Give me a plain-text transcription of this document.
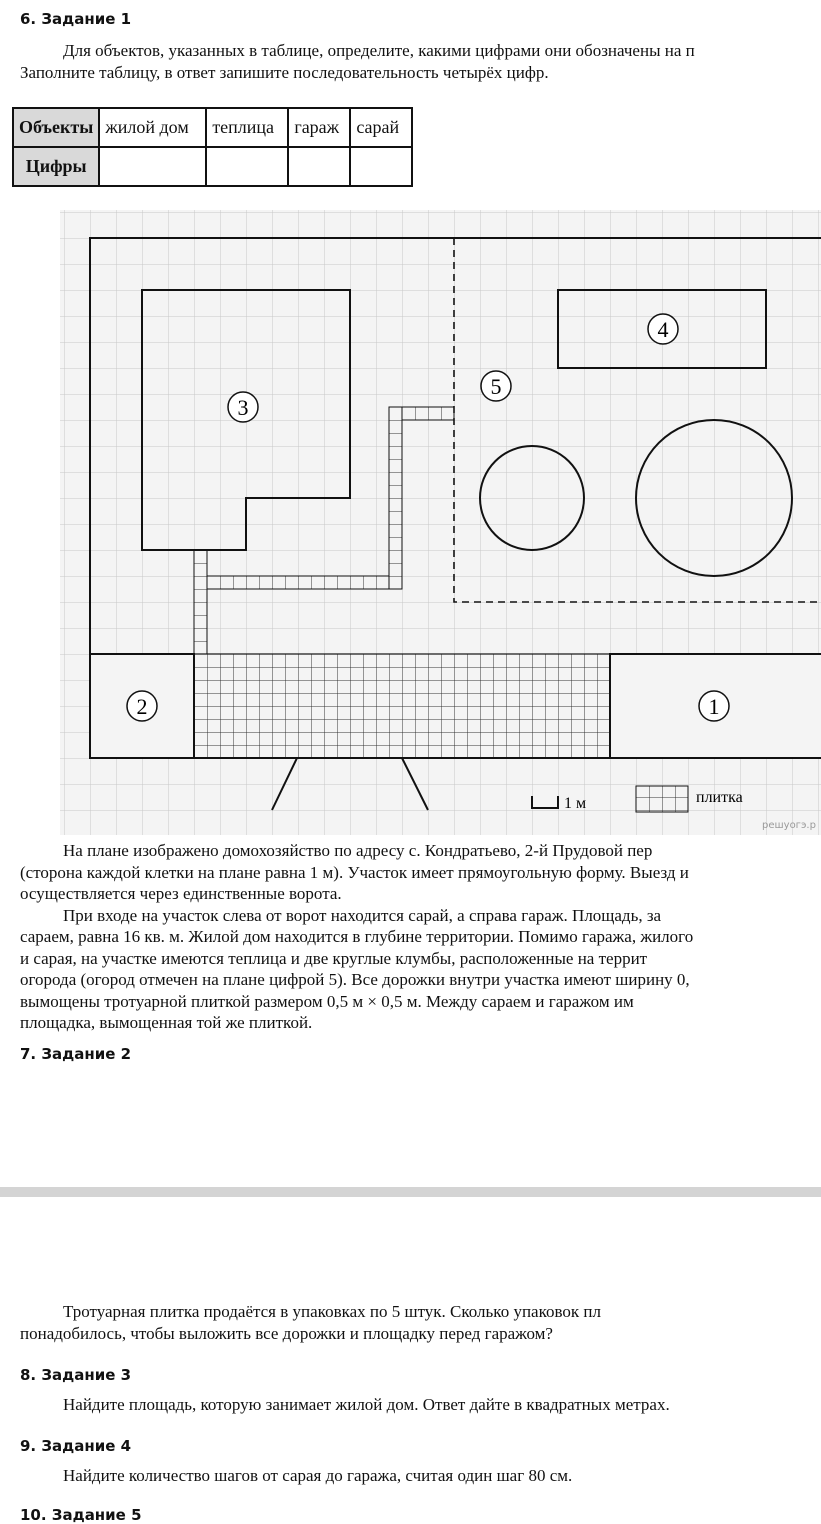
6. Задание 1
Для объектов, указанных в таблице, определите, какими цифрами они обозначены на п
Заполните таблицу, в ответ запишите последовательность четырёх цифр.
Объекты	жилой дом	теплица	гараж	сарай
Цифры				
1
2
3
4
5
1 м	плитка
решуогэ.р
На плане изображено домохозяйство по адресу с. Кондратьево, 2-й Прудовой пер
(сторона каждой клетки на плане равна 1 м). Участок имеет прямоугольную форму. Выезд и
осуществляется через единственные ворота.
При входе на участок слева от ворот находится сарай, а справа гараж. Площадь, за
сараем, равна 16 кв. м. Жилой дом находится в глубине территории. Помимо гаража, жилого
и сарая, на участке имеются теплица и две круглые клумбы, расположенные на террит
огорода (огород отмечен на плане цифрой 5). Все дорожки внутри участка имеют ширину 0,
вымощены тротуарной плиткой размером 0,5 м × 0,5 м. Между сараем и гаражом им
площадка, вымощенная той же плиткой.
7. Задание 2
Тротуарная плитка продаётся в упаковках по 5 штук. Сколько упаковок пл
понадобилось, чтобы выложить все дорожки и площадку перед гаражом?
8. Задание 3
Найдите площадь, которую занимает жилой дом. Ответ дайте в квадратных метрах.
9. Задание 4
Найдите количество шагов от сарая до гаража, считая один шаг 80 см.
10. Задание 5
